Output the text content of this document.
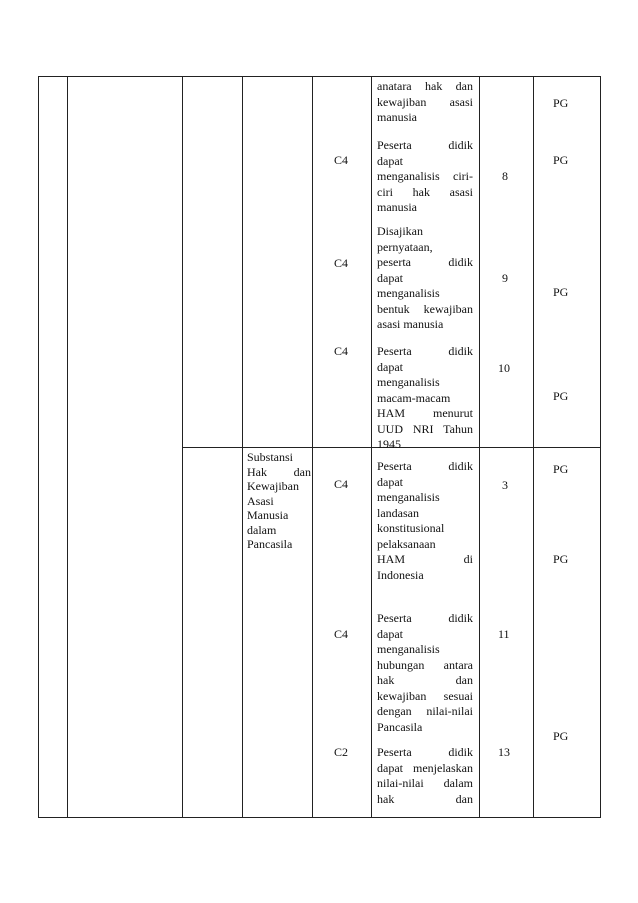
anatara hak dan
kewajiban asasi
manusia
PG
C4
Peserta didik
dapat
menganalisis ciri-
ciri hak asasi
manusia
PG
8
C4
Disajikan
pernyataan,
peserta didik
dapat
menganalisis
bentuk kewajiban
asasi manusia
9
PG
C4 Peserta didik
dapat
menganalisis
macam-macam
HAM menurut
UUD NRI Tahun
1945
10
PG
Substansi
Hak dan
Kewajiban
Asasi
Manusia
dalam
Pancasila
C4
Peserta didik
dapat
menganalisis
landasan
konstitusional
pelaksanaan
HAM di
Indonesia
PG
3
C4
Peserta didik
dapat
menganalisis
hubungan antara
hak dan
kewajiban sesuai
dengan nilai-nilai
Pancasila
PG
11
C2 Peserta didik
dapat menjelaskan
nilai-nilai dalam
hak dan
PG
13
